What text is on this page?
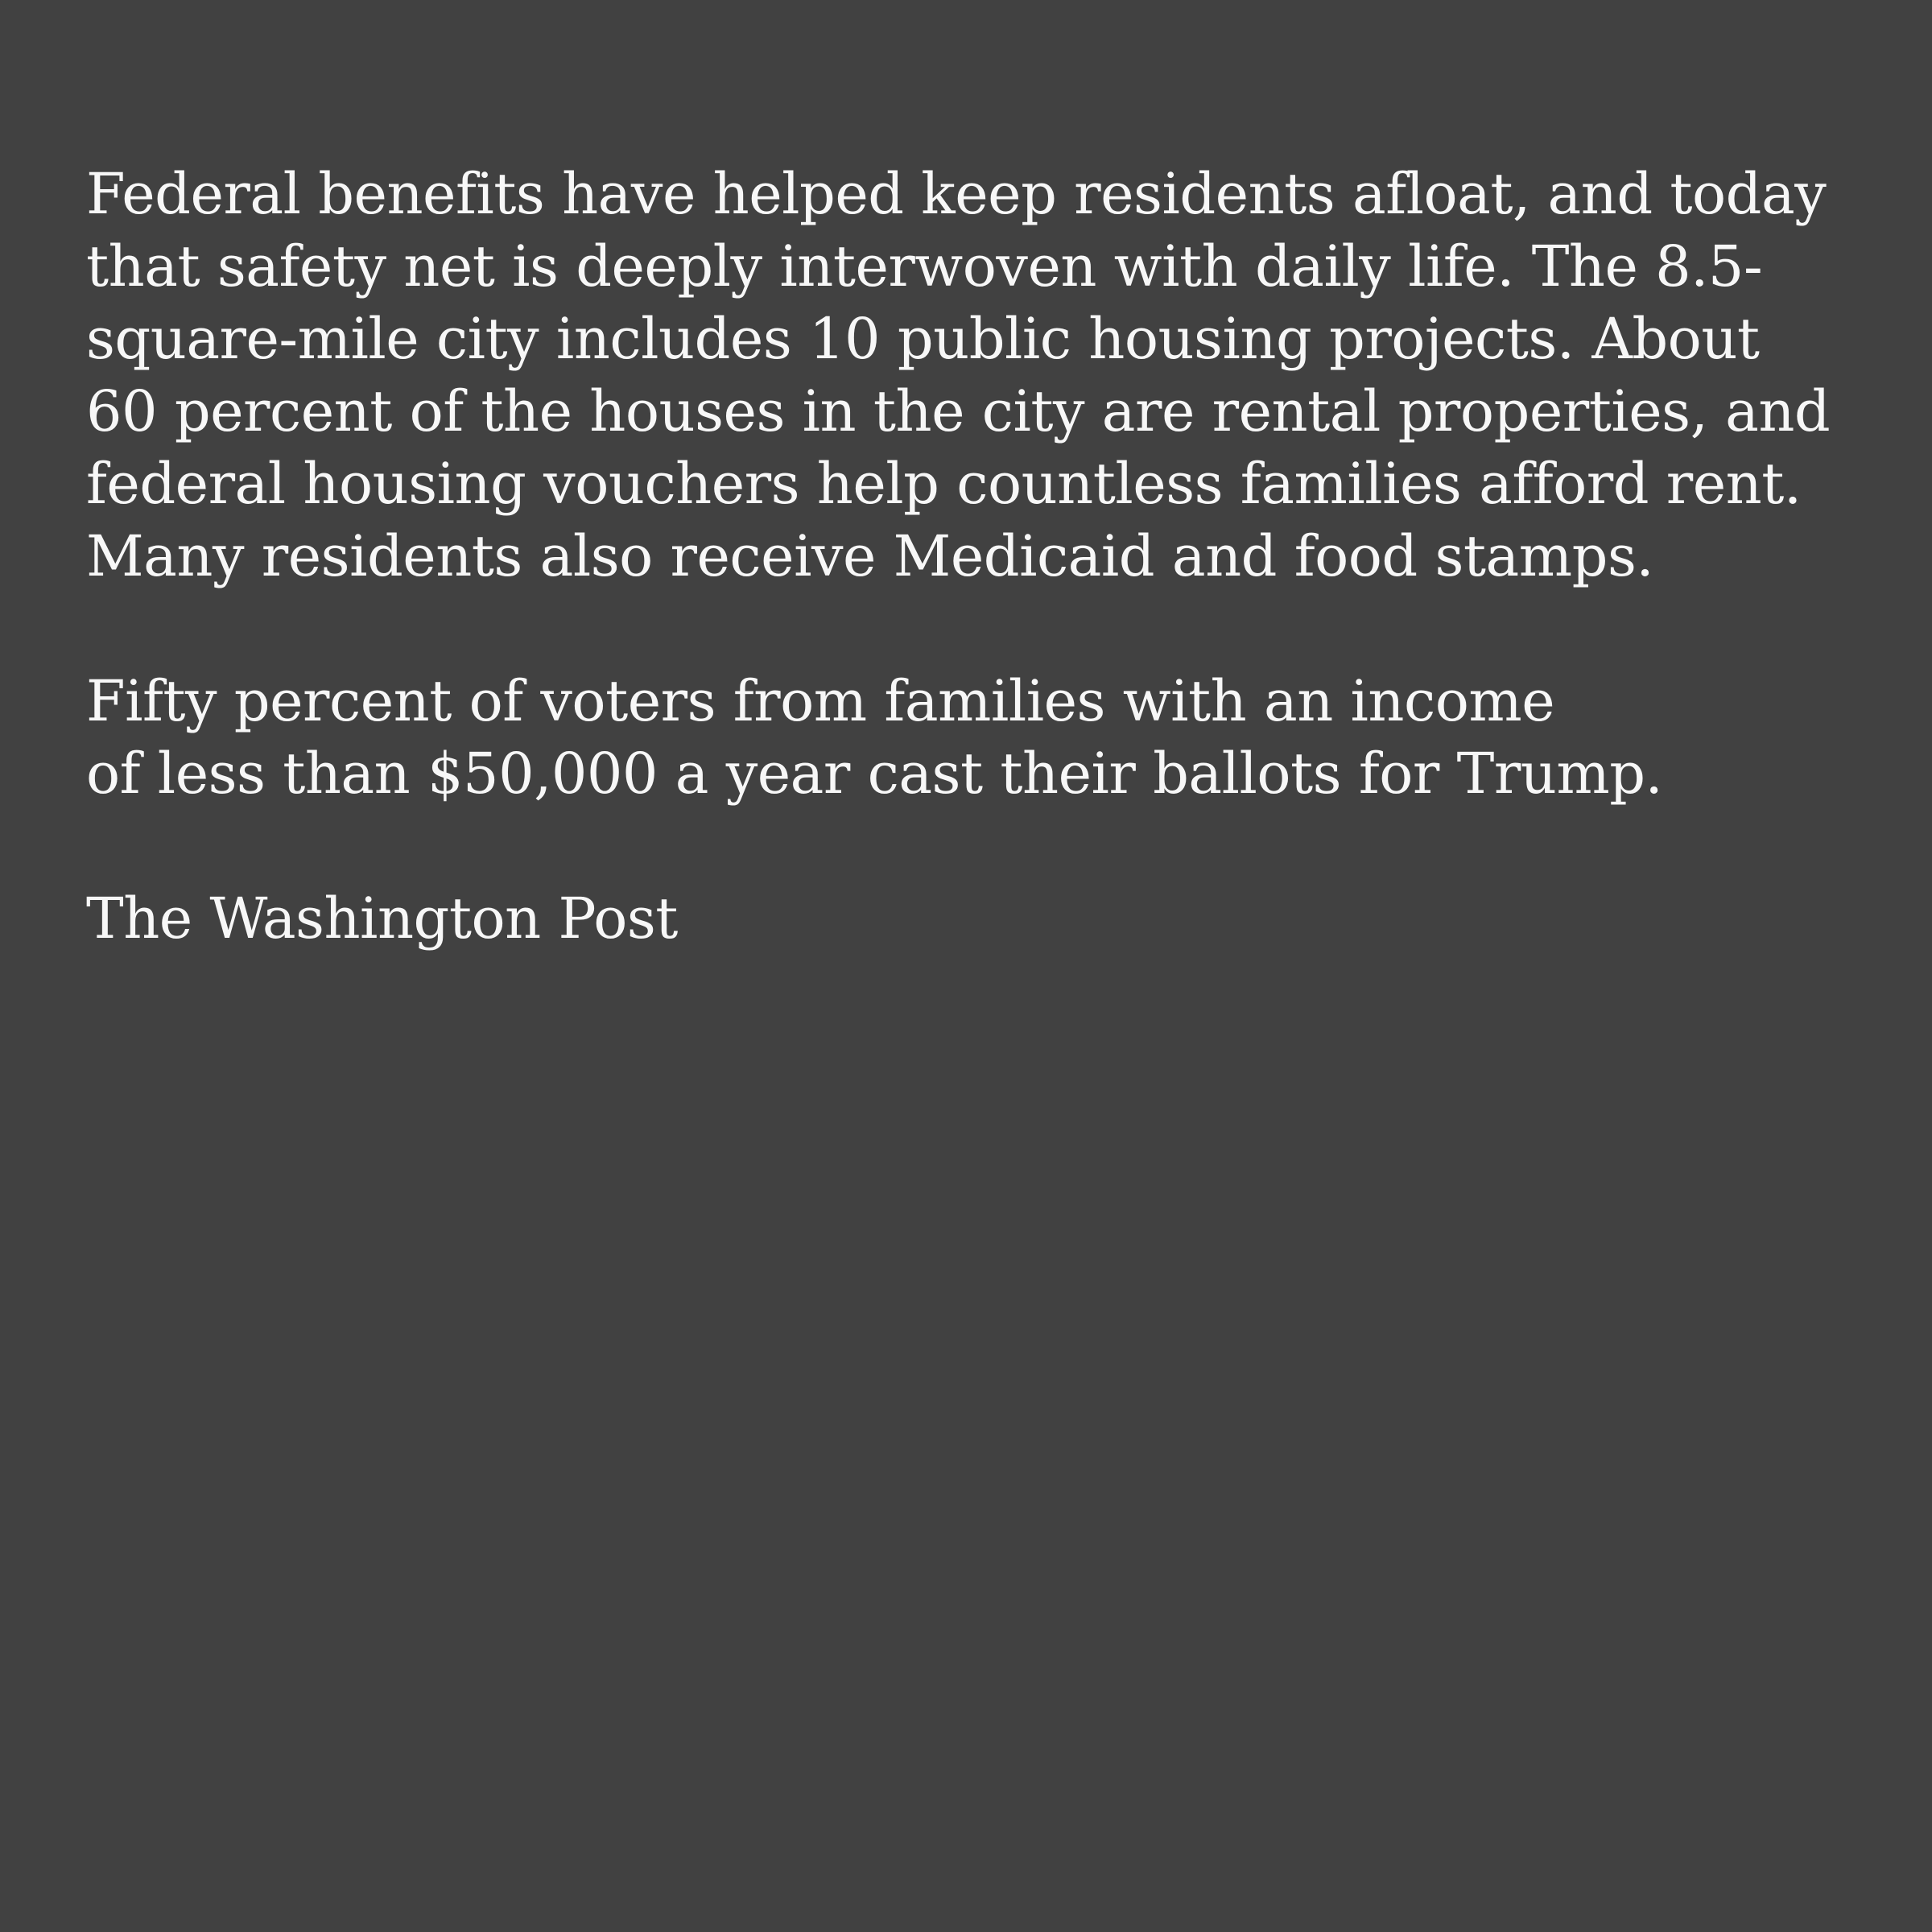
Federal benefits have helped keep residents afloat, and today
that safety net is deeply interwoven with daily life. The 8.5-
square-mile city includes 10 public housing projects. About
60 percent of the houses in the city are rental properties, and
federal housing vouchers help countless families afford rent.
Many residents also receive Medicaid and food stamps.
Fifty percent of voters from families with an income
of less than $50,000 a year cast their ballots for Trump.
The Washington Post
